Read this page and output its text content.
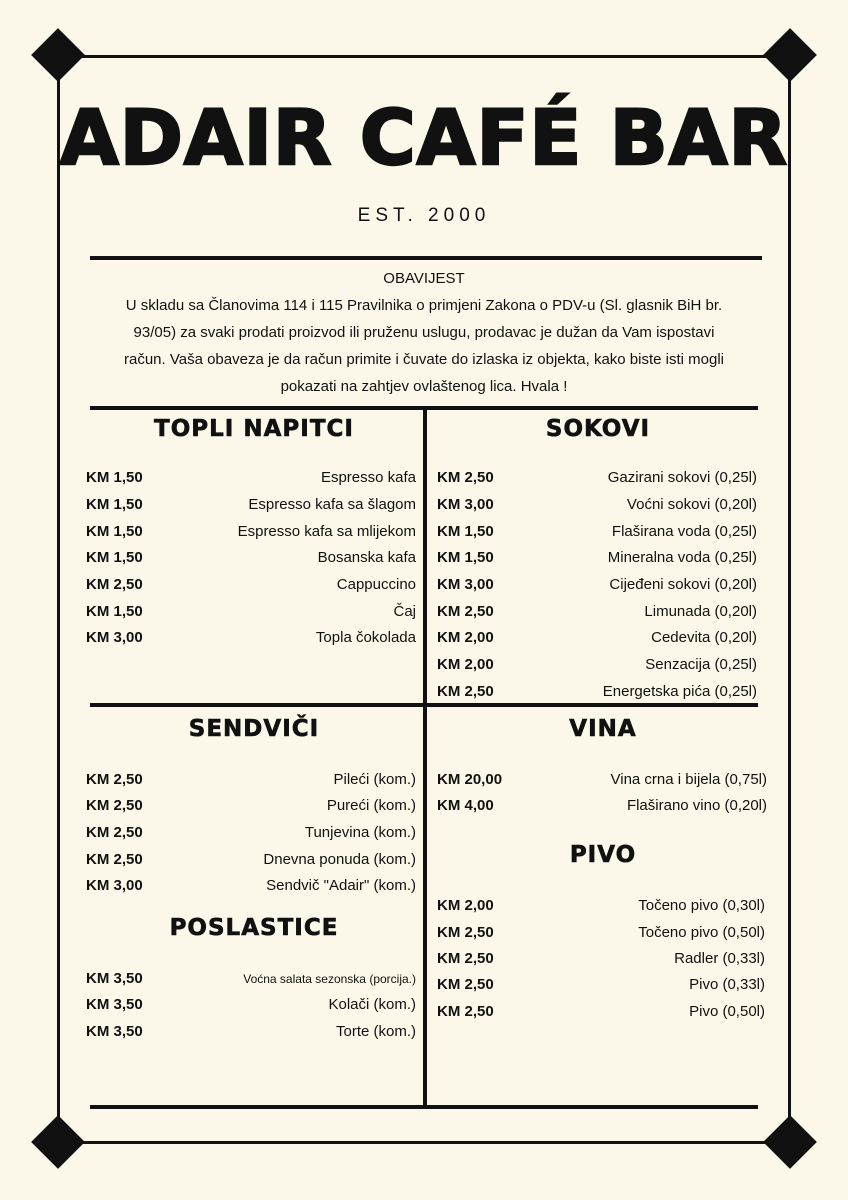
ADAIR CAFÉ BAR
EST. 2000
OBAVIJEST
U skladu sa Članovima 114 i 115 Pravilnika o primjeni Zakona o PDV-u (Sl. glasnik BiH br.
93/05) za svaki prodati proizvod ili pruženu uslugu, prodavac je dužan da Vam ispostavi
račun. Vaša obaveza je da račun primite i čuvate do izlaska iz objekta, kako biste isti mogli
pokazati na zahtjev ovlaštenog lica. Hvala !
TOPLI NAPITCI	SOKOVI
SENDVIČI	VINA
POSLASTICE
PIVO
KM 1,50	Espresso kafa
KM 1,50	Espresso kafa sa šlagom
KM 1,50	Espresso kafa sa mlijekom
KM 1,50	Bosanska kafa
KM 2,50	Cappuccino
KM 1,50	Čaj
KM 3,00	Topla čokolada
KM 2,50	Gazirani sokovi (0,25l)
KM 3,00	Voćni sokovi (0,20l)
KM 1,50	Flaširana voda (0,25l)
KM 1,50	Mineralna voda (0,25l)
KM 3,00	Cijeđeni sokovi (0,20l)
KM 2,50	Limunada (0,20l)
KM 2,00	Cedevita (0,20l)
KM 2,00	Senzacija (0,25l)
KM 2,50	Energetska pića (0,25l)
KM 2,50	Pileći (kom.)
KM 2,50	Pureći (kom.)
KM 2,50	Tunjevina (kom.)
KM 2,50	Dnevna ponuda (kom.)
KM 3,00	Sendvič "Adair" (kom.)
KM 3,50	Voćna salata sezonska (porcija.)
KM 3,50	Kolači (kom.)
KM 3,50	Torte (kom.)
KM 20,00	Vina crna i bijela (0,75l)
KM 4,00	Flaširano vino (0,20l)
KM 2,00	Točeno pivo (0,30l)
KM 2,50	Točeno pivo (0,50l)
KM 2,50	Radler (0,33l)
KM 2,50	Pivo (0,33l)
KM 2,50	Pivo (0,50l)
